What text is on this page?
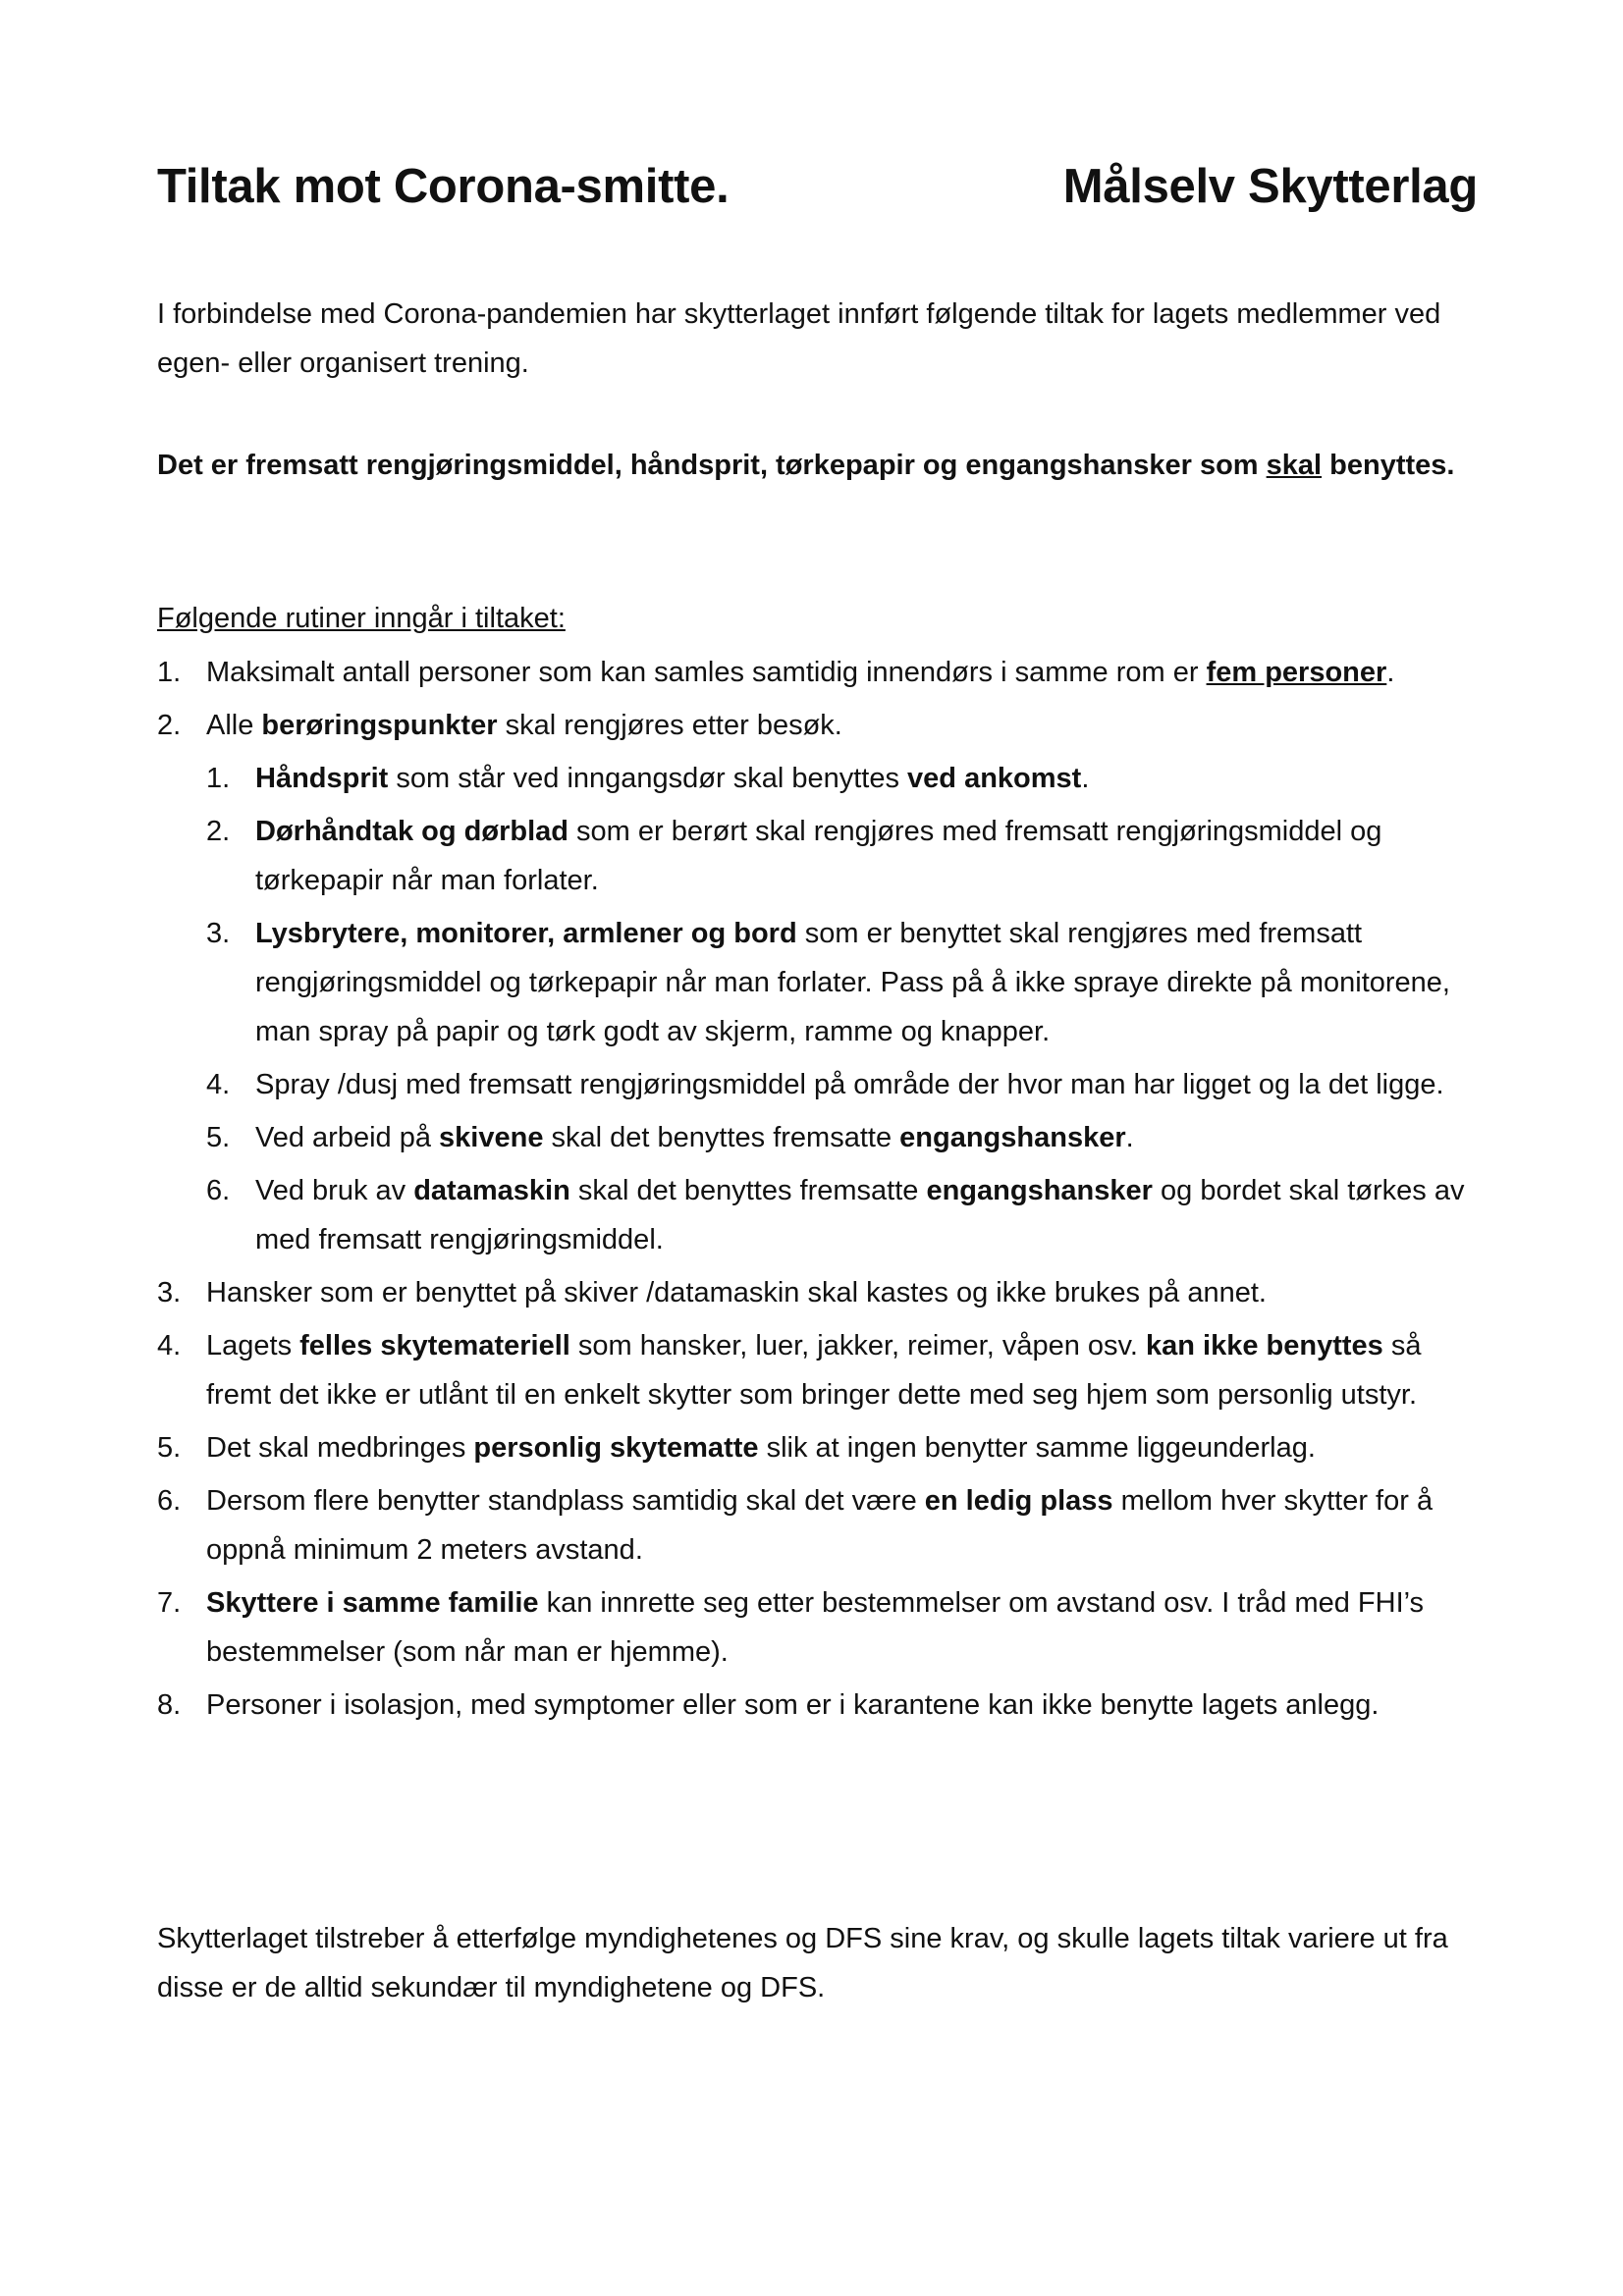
Tiltak mot Corona-smitte.	Målselv Skytterlag

I forbindelse med Corona-pandemien har skytterlaget innført følgende tiltak for lagets medlemmer ved egen- eller organisert trening.

Det er fremsatt rengjøringsmiddel, håndsprit, tørkepapir og engangshansker som skal benyttes.

Følgende rutiner inngår i tiltaket:

1. Maksimalt antall personer som kan samles samtidig innendørs i samme rom er fem personer.
2. Alle berøringspunkter skal rengjøres etter besøk.
1. Håndsprit som står ved inngangsdør skal benyttes ved ankomst.
2. Dørhåndtak og dørblad som er berørt skal rengjøres med fremsatt rengjøringsmiddel og tørkepapir når man forlater.
3. Lysbrytere, monitorer, armlener og bord som er benyttet skal rengjøres med fremsatt rengjøringsmiddel og tørkepapir når man forlater. Pass på å ikke spraye direkte på monitorene, man spray på papir og tørk godt av skjerm, ramme og knapper.
4. Spray /dusj med fremsatt rengjøringsmiddel på område der hvor man har ligget og la det ligge.
5. Ved arbeid på skivene skal det benyttes fremsatte engangshansker.
6. Ved bruk av datamaskin skal det benyttes fremsatte engangshansker og bordet skal tørkes av med fremsatt rengjøringsmiddel.
3. Hansker som er benyttet på skiver /datamaskin skal kastes og ikke brukes på annet.
4. Lagets felles skytemateriell som hansker, luer, jakker, reimer, våpen osv. kan ikke benyttes så fremt det ikke er utlånt til en enkelt skytter som bringer dette med seg hjem som personlig utstyr.
5. Det skal medbringes personlig skytematte slik at ingen benytter samme liggeunderlag.
6. Dersom flere benytter standplass samtidig skal det være en ledig plass mellom hver skytter for å oppnå minimum 2 meters avstand.
7. Skyttere i samme familie kan innrette seg etter bestemmelser om avstand osv. I tråd med FHI’s bestemmelser (som når man er hjemme).
8. Personer i isolasjon, med symptomer eller som er i karantene kan ikke benytte lagets anlegg.

Skytterlaget tilstreber å etterfølge myndighetenes og DFS sine krav, og skulle lagets tiltak variere ut fra disse er de alltid sekundær til myndighetene og DFS.
